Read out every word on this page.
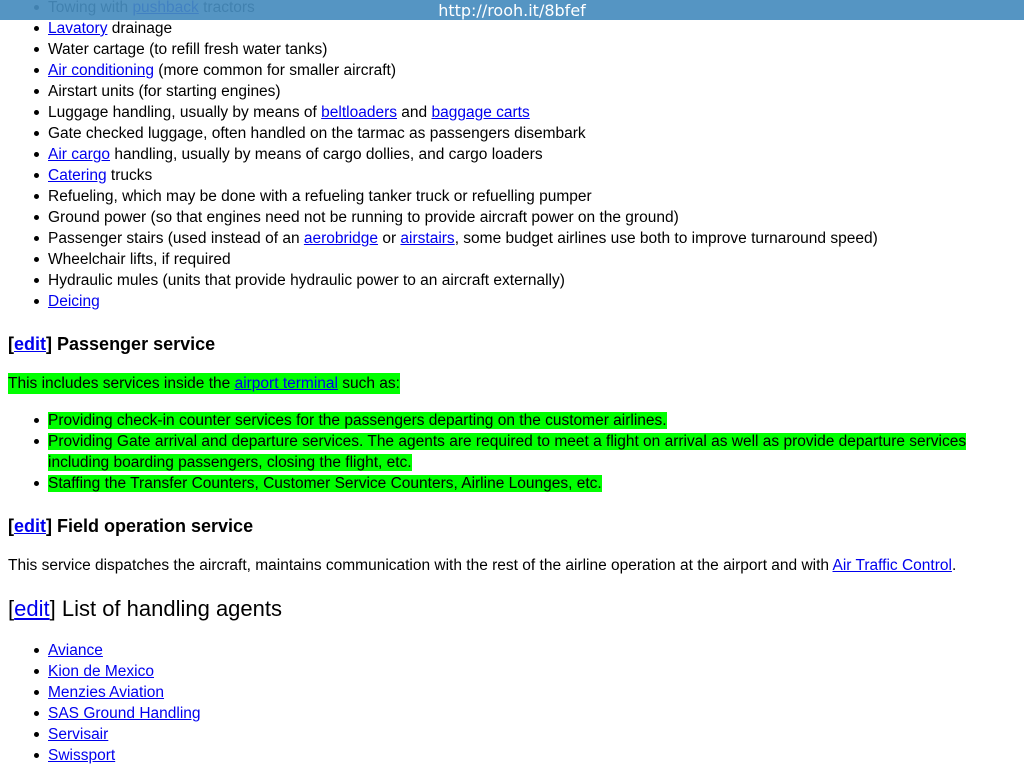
http://rooh.it/8bfef
Lavatory drainage
Water cartage (to refill fresh water tanks)
Air conditioning (more common for smaller aircraft)
Airstart units (for starting engines)
Luggage handling, usually by means of beltloaders and baggage carts
Gate checked luggage, often handled on the tarmac as passengers disembark
Air cargo handling, usually by means of cargo dollies, and cargo loaders
Catering trucks
Refueling, which may be done with a refueling tanker truck or refuelling pumper
Ground power (so that engines need not be running to provide aircraft power on the ground)
Passenger stairs (used instead of an aerobridge or airstairs, some budget airlines use both to improve turnaround speed)
Wheelchair lifts, if required
Hydraulic mules (units that provide hydraulic power to an aircraft externally)
Deicing
[edit] Passenger service

This includes services inside the airport terminal such as:

Providing check-in counter services for the passengers departing on the customer airlines.
Providing Gate arrival and departure services. The agents are required to meet a flight on arrival as well as provide departure services including boarding passengers, closing the flight, etc.
Staffing the Transfer Counters, Customer Service Counters, Airline Lounges, etc.
[edit] Field operation service

This service dispatches the aircraft, maintains communication with the rest of the airline operation at the airport and with Air Traffic Control.

[edit] List of handling agents
Aviance
Kion de Mexico
Menzies Aviation
SAS Ground Handling
Servisair
Swissport
